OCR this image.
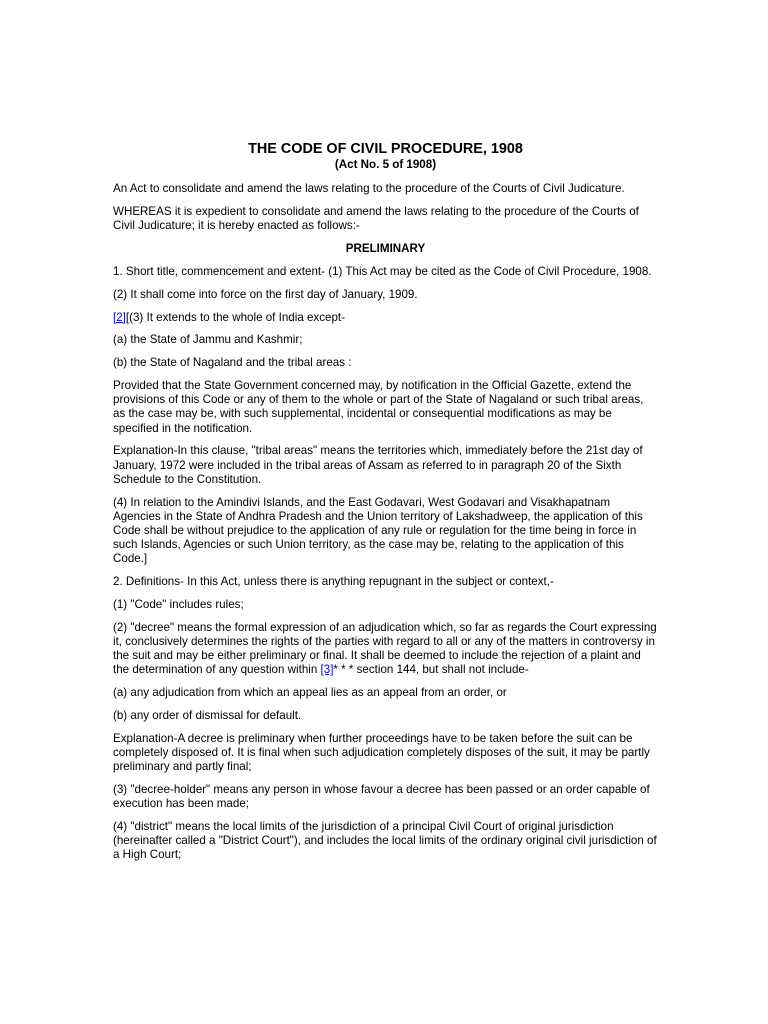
THE CODE OF CIVIL PROCEDURE, 1908
(Act No. 5 of 1908)

An Act to consolidate and amend the laws relating to the procedure of the Courts of Civil Judicature.

WHEREAS it is expedient to consolidate and amend the laws relating to the procedure of the Courts of Civil Judicature; it is hereby enacted as follows:-

PRELIMINARY

1. Short title, commencement and extent- (1) This Act may be cited as the Code of Civil Procedure, 1908.

(2) It shall come into force on the first day of January, 1909.

[2][(3) It extends to the whole of India except-

(a) the State of Jammu and Kashmir;

(b) the State of Nagaland and the tribal areas :

Provided that the State Government concerned may, by notification in the Official Gazette, extend the provisions of this Code or any of them to the whole or part of the State of Nagaland or such tribal areas, as the case may be, with such supplemental, incidental or consequential modifications as may be specified in the notification.

Explanation-In this clause, "tribal areas" means the territories which, immediately before the 21st day of January, 1972 were included in the tribal areas of Assam as referred to in paragraph 20 of the Sixth Schedule to the Constitution.

(4) In relation to the Amindivi Islands, and the East Godavari, West Godavari and Visakhapatnam Agencies in the State of Andhra Pradesh and the Union territory of Lakshadweep, the application of this Code shall be without prejudice to the application of any rule or regulation for the time being in force in such Islands, Agencies or such Union territory, as the case may be, relating to the application of this Code.]

2. Definitions- In this Act, unless there is anything repugnant in the subject or context,-

(1) "Code" includes rules;

(2) "decree" means the formal expression of an adjudication which, so far as regards the Court expressing it, conclusively determines the rights of the parties with regard to all or any of the matters in controversy in the suit and may be either preliminary or final. It shall be deemed to include the rejection of a plaint and the determination of any question within [3]* * * section 144, but shall not include-

(a) any adjudication from which an appeal lies as an appeal from an order, or

(b) any order of dismissal for default.

Explanation-A decree is preliminary when further proceedings have to be taken before the suit can be completely disposed of. It is final when such adjudication completely disposes of the suit, it may be partly preliminary and partly final;

(3) "decree-holder" means any person in whose favour a decree has been passed or an order capable of execution has been made;

(4) "district" means the local limits of the jurisdiction of a principal Civil Court of original jurisdiction (hereinafter called a "District Court"), and includes the local limits of the ordinary original civil jurisdiction of a High Court;
